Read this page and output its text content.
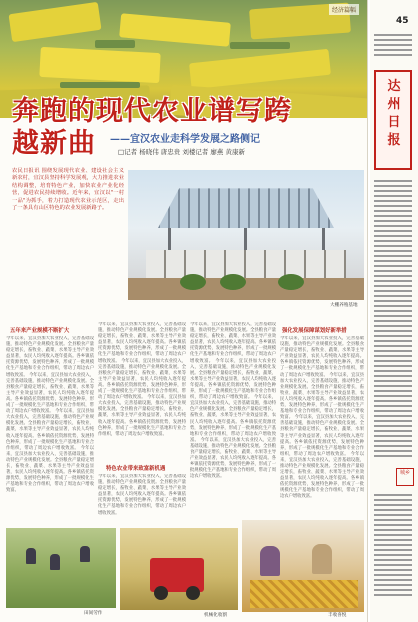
经济篇幅
奔跑的现代农业谱写跨越新曲	——宜汉农业走科学发展之路侧记
□记者 杨晓伟 唐忠贵 刘楼记者 廖燕 黄康新
农民日报讯 围绕发展现代农业、建设社会主义新农村，宜汉县坚持科学发展观，大力推进农业结构调整，培育特色产业，加快农业产业化经营，促进农民持续增收。近年来，宜汉以"一村一品"为抓手，着力打造现代农业示范区，走出了一条具有山区特色的农业发展新路子。
大棚养殖基地
五年来产业规模不断扩大
今年以来，宜汉县加大农业投入，完善基础设施，推动特色产业规模化发展。全县粮食产量稳定增长，畜牧业、蔬菜、水果等主导产业效益显著，农民人均纯收入逐年提高。各乡镇依托资源优势，发展特色种养，形成了一批规模化生产基地和专业合作组织，带动了周边农户增收致富。 今年以来，宜汉县加大农业投入，完善基础设施，推动特色产业规模化发展。全县粮食产量稳定增长，畜牧业、蔬菜、水果等主导产业效益显著，农民人均纯收入逐年提高。各乡镇依托资源优势，发展特色种养，形成了一批规模化生产基地和专业合作组织，带动了周边农户增收致富。 今年以来，宜汉县加大农业投入，完善基础设施，推动特色产业规模化发展。全县粮食产量稳定增长，畜牧业、蔬菜、水果等主导产业效益显著，农民人均纯收入逐年提高。各乡镇依托资源优势，发展特色种养，形成了一批规模化生产基地和专业合作组织，带动了周边农户增收致富。 今年以来，宜汉县加大农业投入，完善基础设施，推动特色产业规模化发展。全县粮食产量稳定增长，畜牧业、蔬菜、水果等主导产业效益显著，农民人均纯收入逐年提高。各乡镇依托资源优势，发展特色种养，形成了一批规模化生产基地和专业合作组织，带动了周边农户增收致富。
今年以来，宜汉县加大农业投入，完善基础设施，推动特色产业规模化发展。全县粮食产量稳定增长，畜牧业、蔬菜、水果等主导产业效益显著，农民人均纯收入逐年提高。各乡镇依托资源优势，发展特色种养，形成了一批规模化生产基地和专业合作组织，带动了周边农户增收致富。 今年以来，宜汉县加大农业投入，完善基础设施，推动特色产业规模化发展。全县粮食产量稳定增长，畜牧业、蔬菜、水果等主导产业效益显著，农民人均纯收入逐年提高。各乡镇依托资源优势，发展特色种养，形成了一批规模化生产基地和专业合作组织，带动了周边农户增收致富。 今年以来，宜汉县加大农业投入，完善基础设施，推动特色产业规模化发展。全县粮食产量稳定增长，畜牧业、蔬菜、水果等主导产业效益显著，农民人均纯收入逐年提高。各乡镇依托资源优势，发展特色种养，形成了一批规模化生产基地和专业合作组织，带动了周边农户增收致富。
特色农业带来致富新机遇
今年以来，宜汉县加大农业投入，完善基础设施，推动特色产业规模化发展。全县粮食产量稳定增长，畜牧业、蔬菜、水果等主导产业效益显著，农民人均纯收入逐年提高。各乡镇依托资源优势，发展特色种养，形成了一批规模化生产基地和专业合作组织，带动了周边农户增收致富。
今年以来，宜汉县加大农业投入，完善基础设施，推动特色产业规模化发展。全县粮食产量稳定增长，畜牧业、蔬菜、水果等主导产业效益显著，农民人均纯收入逐年提高。各乡镇依托资源优势，发展特色种养，形成了一批规模化生产基地和专业合作组织，带动了周边农户增收致富。 今年以来，宜汉县加大农业投入，完善基础设施，推动特色产业规模化发展。全县粮食产量稳定增长，畜牧业、蔬菜、水果等主导产业效益显著，农民人均纯收入逐年提高。各乡镇依托资源优势，发展特色种养，形成了一批规模化生产基地和专业合作组织，带动了周边农户增收致富。 今年以来，宜汉县加大农业投入，完善基础设施，推动特色产业规模化发展。全县粮食产量稳定增长，畜牧业、蔬菜、水果等主导产业效益显著，农民人均纯收入逐年提高。各乡镇依托资源优势，发展特色种养，形成了一批规模化生产基地和专业合作组织，带动了周边农户增收致富。 今年以来，宜汉县加大农业投入，完善基础设施，推动特色产业规模化发展。全县粮食产量稳定增长，畜牧业、蔬菜、水果等主导产业效益显著，农民人均纯收入逐年提高。各乡镇依托资源优势，发展特色种养，形成了一批规模化生产基地和专业合作组织，带动了周边农户增收致富。
强化发展保障谋划好新举措
今年以来，宜汉县加大农业投入，完善基础设施，推动特色产业规模化发展。全县粮食产量稳定增长，畜牧业、蔬菜、水果等主导产业效益显著，农民人均纯收入逐年提高。各乡镇依托资源优势，发展特色种养，形成了一批规模化生产基地和专业合作组织，带动了周边农户增收致富。 今年以来，宜汉县加大农业投入，完善基础设施，推动特色产业规模化发展。全县粮食产量稳定增长，畜牧业、蔬菜、水果等主导产业效益显著，农民人均纯收入逐年提高。各乡镇依托资源优势，发展特色种养，形成了一批规模化生产基地和专业合作组织，带动了周边农户增收致富。 今年以来，宜汉县加大农业投入，完善基础设施，推动特色产业规模化发展。全县粮食产量稳定增长，畜牧业、蔬菜、水果等主导产业效益显著，农民人均纯收入逐年提高。各乡镇依托资源优势，发展特色种养，形成了一批规模化生产基地和专业合作组织，带动了周边农户增收致富。 今年以来，宜汉县加大农业投入，完善基础设施，推动特色产业规模化发展。全县粮食产量稳定增长，畜牧业、蔬菜、水果等主导产业效益显著，农民人均纯收入逐年提高。各乡镇依托资源优势，发展特色种养，形成了一批规模化生产基地和专业合作组织，带动了周边农户增收致富。
田间劳作	机械化收割	丰收喜悦
45
达州日报
城乡
